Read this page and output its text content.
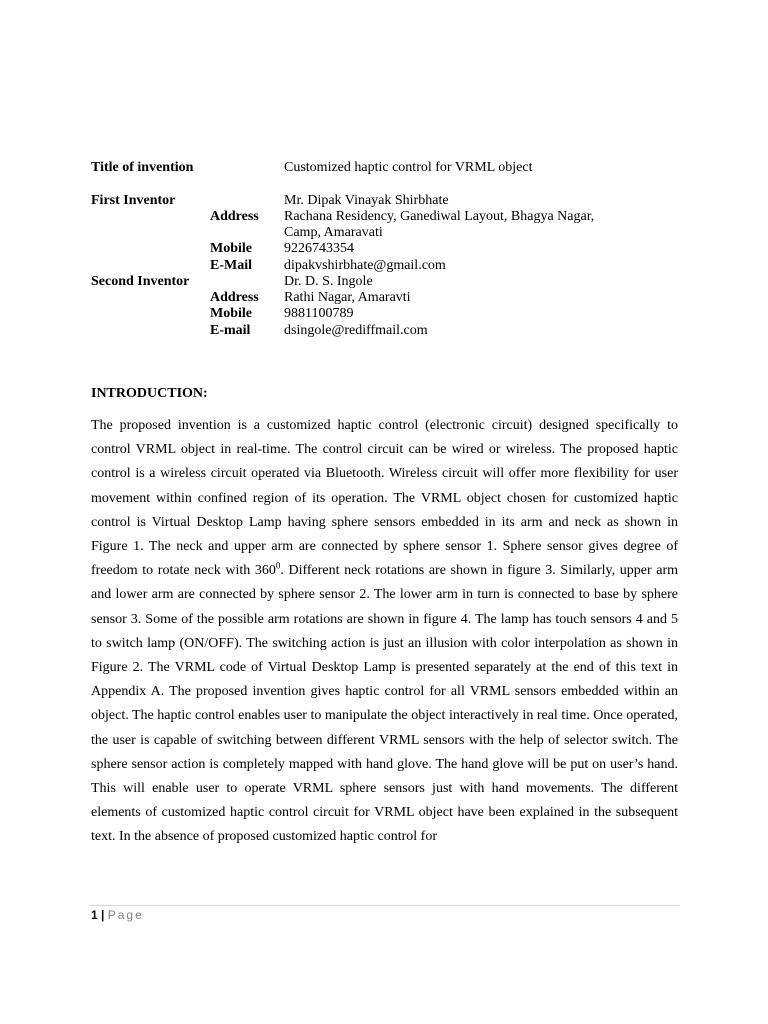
Title of invention	Customized haptic control for VRML object
First Inventor	Mr. Dipak Vinayak Shirbhate
Address Rachana Residency, Ganediwal Layout, Bhagya Nagar,
Camp, Amaravati
Mobile 9226743354
E-Mail dipakvshirbhate@gmail.com
Second Inventor	Dr. D. S. Ingole
Address Rathi Nagar, Amaravti
Mobile 9881100789
E-mail dsingole@rediffmail.com
INTRODUCTION:
The proposed invention is a customized haptic control (electronic circuit) designed specifically to control VRML object in real-time. The control circuit can be wired or wireless. The proposed haptic control is a wireless circuit operated via Bluetooth. Wireless circuit will offer more flexibility for user movement within confined region of its operation. The VRML object chosen for customized haptic control is Virtual Desktop Lamp having sphere sensors embedded in its arm and neck as shown in Figure 1. The neck and upper arm are connected by sphere sensor 1. Sphere sensor gives degree of freedom to rotate neck with $360^0$. Different neck rotations are shown in figure 3. Similarly, upper arm and lower arm are connected by sphere sensor 2. The lower arm in turn is connected to base by sphere sensor 3. Some of the possible arm rotations are shown in figure 4. The lamp has touch sensors 4 and 5 to switch lamp (ON/OFF). The switching action is just an illusion with color interpolation as shown in Figure 2. The VRML code of Virtual Desktop Lamp is presented separately at the end of this text in Appendix A. The proposed invention gives haptic control for all VRML sensors embedded within an object. The haptic control enables user to manipulate the object interactively in real time. Once operated, the user is capable of switching between different VRML sensors with the help of selector switch. The sphere sensor action is completely mapped with hand glove. The hand glove will be put on user’s hand. This will enable user to operate VRML sphere sensors just with hand movements. The different elements of customized haptic control circuit for VRML object have been explained in the subsequent text. In the absence of proposed customized haptic control for
1 | Page
